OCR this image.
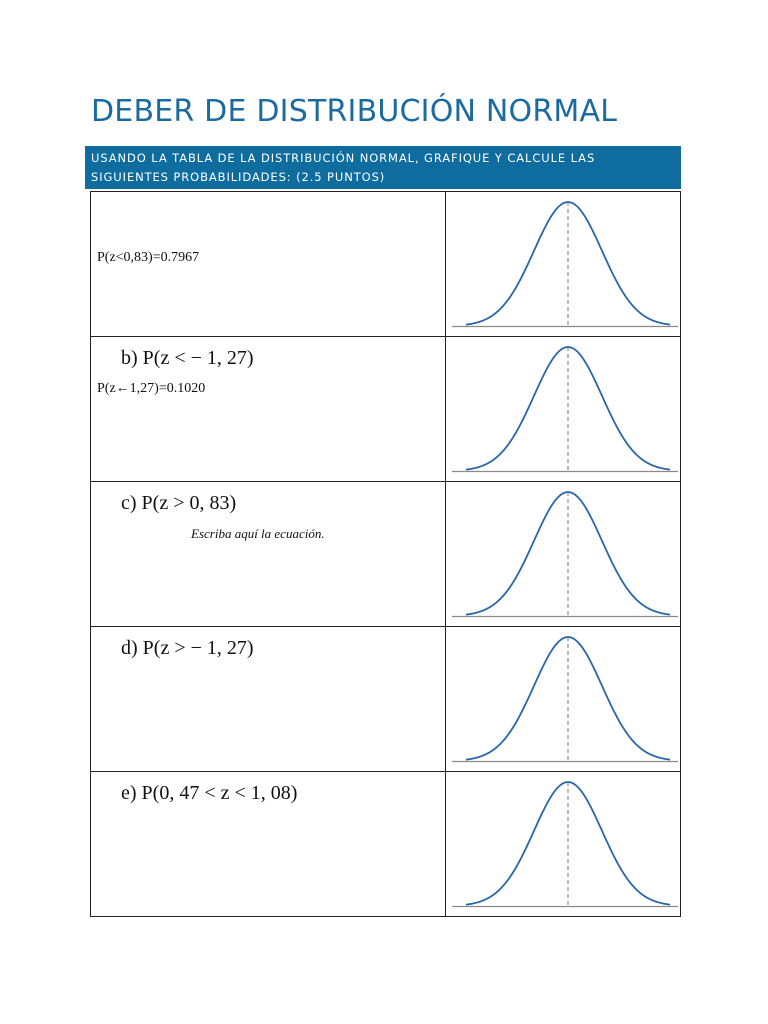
DEBER DE DISTRIBUCIÓN NORMAL
USANDO LA TABLA DE LA DISTRIBUCIÓN NORMAL, GRAFIQUE Y CALCULE LAS
SIGUIENTES PROBABILIDADES: (2.5 PUNTOS)
P(z<0,83)=0.7967

b) P(z < − 1, 27)
P(z←1,27)=0.1020

c) P(z > 0, 83)
Escriba aquí la ecuación.

d) P(z > − 1, 27)

e) P(0, 47 < z < 1, 08)
